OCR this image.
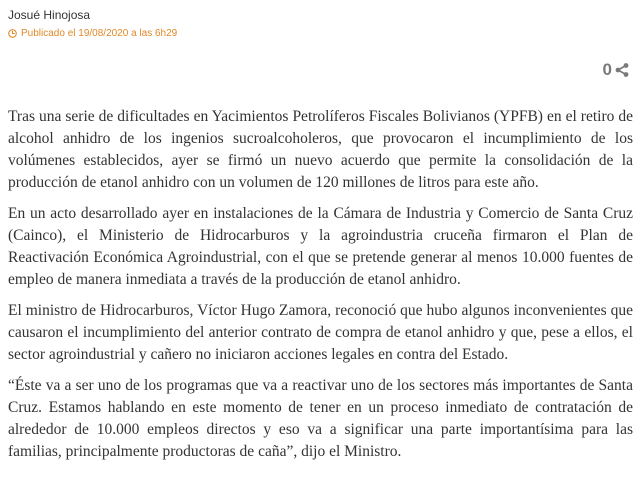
Josué Hinojosa
Publicado el 19/08/2020 a las 6h29
0

Tras una serie de dificultades en Yacimientos Petrolíferos Fiscales Bolivianos (YPFB) en el retiro de alcohol anhidro de los ingenios sucroalcoholeros, que provocaron el incumplimiento de los volúmenes establecidos, ayer se firmó un nuevo acuerdo que permite la consolidación de la producción de etanol anhidro con un volumen de 120 millones de litros para este año.

En un acto desarrollado ayer en instalaciones de la Cámara de Industria y Comercio de Santa Cruz (Cainco), el Ministerio de Hidrocarburos y la agroindustria cruceña firmaron el Plan de Reactivación Económica Agroindustrial, con el que se pretende generar al menos 10.000 fuentes de empleo de manera inmediata a través de la producción de etanol anhidro.

El ministro de Hidrocarburos, Víctor Hugo Zamora, reconoció que hubo algunos inconvenientes que causaron el incumplimiento del anterior contrato de compra de etanol anhidro y que, pese a ellos, el sector agroindustrial y cañero no iniciaron acciones legales en contra del Estado.

“Éste va a ser uno de los programas que va a reactivar uno de los sectores más importantes de Santa Cruz. Estamos hablando en este momento de tener en un proceso inmediato de contratación de alrededor de 10.000 empleos directos y eso va a significar una parte importantísima para las familias, principalmente productoras de caña”, dijo el Ministro.
